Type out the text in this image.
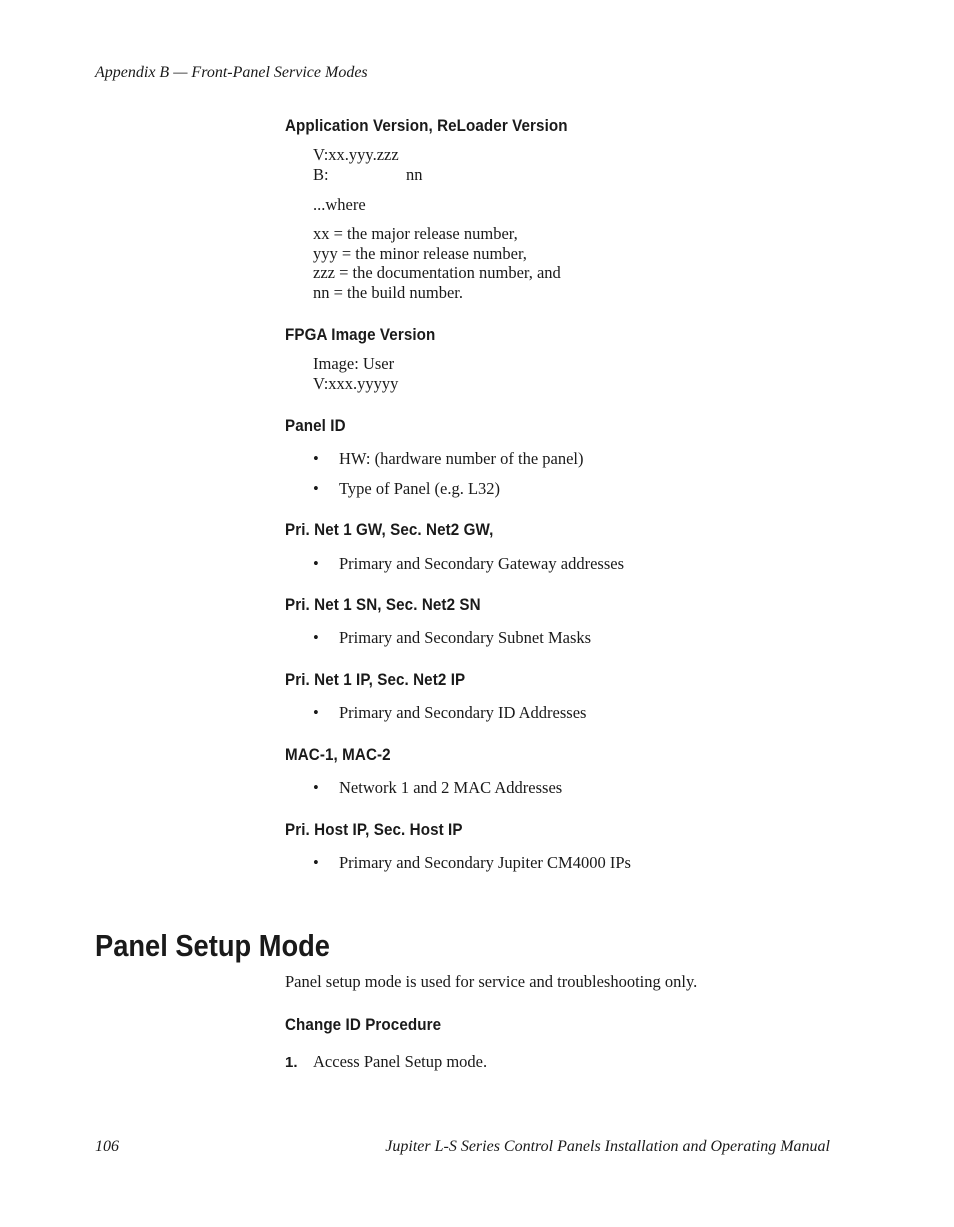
Appendix B — Front-Panel Service Modes
Application Version, ReLoader Version
V:xx.yyy.zzz
B:	nn
...where
xx = the major release number,
yyy = the minor release number,
zzz = the documentation number, and
nn = the build number.
FPGA Image Version
Image: User
V:xxx.yyyyy
Panel ID
• HW: (hardware number of the panel)
• Type of Panel (e.g. L32)
Pri. Net 1 GW, Sec. Net2 GW,
• Primary and Secondary Gateway addresses
Pri. Net 1 SN, Sec. Net2 SN
• Primary and Secondary Subnet Masks
Pri. Net 1 IP, Sec. Net2 IP
• Primary and Secondary ID Addresses
MAC-1, MAC-2
• Network 1 and 2 MAC Addresses
Pri. Host IP, Sec. Host IP
• Primary and Secondary Jupiter CM4000 IPs
Panel Setup Mode
Panel setup mode is used for service and troubleshooting only.
Change ID Procedure
1. Access Panel Setup mode.
106	Jupiter L-S Series Control Panels Installation and Operating Manual
